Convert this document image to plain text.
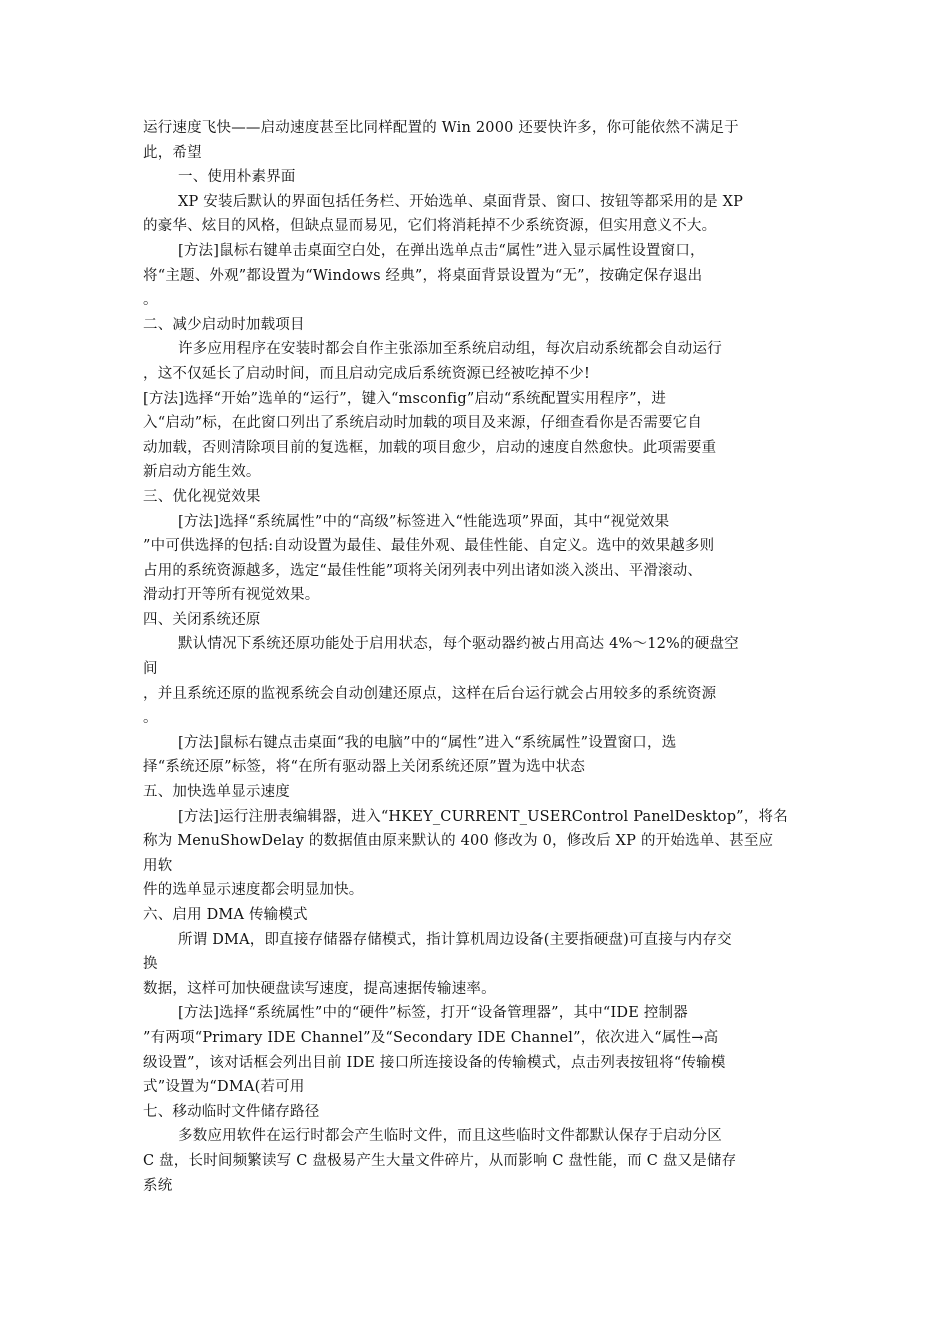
运行速度飞快——启动速度甚至比同样配置的 Win 2000 还要快许多，你可能依然不满足于
此，希望
一、使用朴素界面
XP 安装后默认的界面包括任务栏、开始选单、桌面背景、窗口、按钮等都采用的是 XP
的豪华、炫目的风格，但缺点显而易见，它们将消耗掉不少系统资源，但实用意义不大。
[方法]鼠标右键单击桌面空白处，在弹出选单点击“属性”进入显示属性设置窗口，
将“主题、外观”都设置为“Windows 经典”，将桌面背景设置为“无”，按确定保存退出
。
二、减少启动时加载项目
许多应用程序在安装时都会自作主张添加至系统启动组，每次启动系统都会自动运行
，这不仅延长了启动时间，而且启动完成后系统资源已经被吃掉不少!
[方法]选择“开始”选单的“运行”，键入“msconfig”启动“系统配置实用程序”，进
入“启动”标，在此窗口列出了系统启动时加载的项目及来源，仔细查看你是否需要它自
动加载，否则清除项目前的复选框，加载的项目愈少，启动的速度自然愈快。此项需要重
新启动方能生效。
三、优化视觉效果
[方法]选择“系统属性”中的“高级”标签进入“性能选项”界面，其中“视觉效果
”中可供选择的包括:自动设置为最佳、最佳外观、最佳性能、自定义。选中的效果越多则
占用的系统资源越多，选定“最佳性能”项将关闭列表中列出诸如淡入淡出、平滑滚动、
滑动打开等所有视觉效果。
四、关闭系统还原
默认情况下系统还原功能处于启用状态，每个驱动器约被占用高达 4%～12%的硬盘空
间
，并且系统还原的监视系统会自动创建还原点，这样在后台运行就会占用较多的系统资源
。
[方法]鼠标右键点击桌面“我的电脑”中的“属性”进入“系统属性”设置窗口，选
择“系统还原”标签，将“在所有驱动器上关闭系统还原”置为选中状态
五、加快选单显示速度
[方法]运行注册表编辑器，进入“HKEY_CURRENT_USERControl PanelDesktop”，将名
称为 MenuShowDelay 的数据值由原来默认的 400 修改为 0，修改后 XP 的开始选单、甚至应
用软
件的选单显示速度都会明显加快。
六、启用 DMA 传输模式
所谓 DMA，即直接存储器存储模式，指计算机周边设备(主要指硬盘)可直接与内存交
换
数据，这样可加快硬盘读写速度，提高速据传输速率。
[方法]选择“系统属性”中的“硬件”标签，打开“设备管理器”，其中“IDE 控制器
”有两项“Primary IDE Channel”及“Secondary IDE Channel”，依次进入“属性→高
级设置”，该对话框会列出目前 IDE 接口所连接设备的传输模式，点击列表按钮将“传输模
式”设置为“DMA(若可用
七、移动临时文件储存路径
多数应用软件在运行时都会产生临时文件，而且这些临时文件都默认保存于启动分区
C 盘，长时间频繁读写 C 盘极易产生大量文件碎片，从而影响 C 盘性能，而 C 盘又是储存
系统
